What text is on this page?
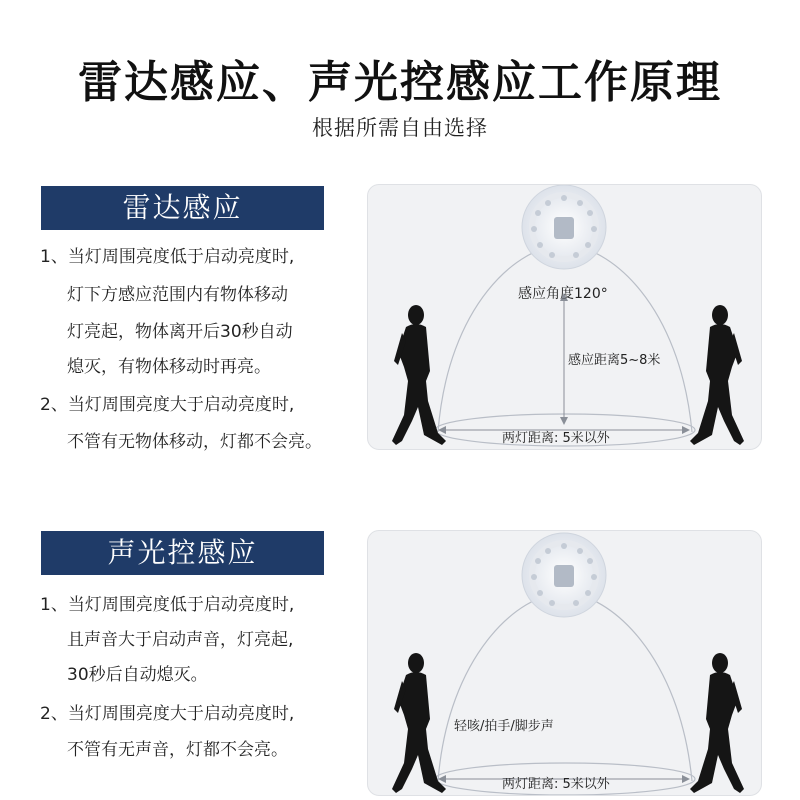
雷达感应、声光控感应工作原理
根据所需自由选择
雷达感应
1、当灯周围亮度低于启动亮度时,
灯下方感应范围内有物体移动
灯亮起，物体离开后30秒自动
熄灭，有物体移动时再亮。
2、当灯周围亮度大于启动亮度时,
不管有无物体移动，灯都不会亮。
感应角度120°
感应距离5~8米
两灯距离: 5米以外
声光控感应
1、当灯周围亮度低于启动亮度时,
且声音大于启动声音，灯亮起,
30秒后自动熄灭。
2、当灯周围亮度大于启动亮度时,
不管有无声音，灯都不会亮。
轻咳/拍手/脚步声
两灯距离: 5米以外
